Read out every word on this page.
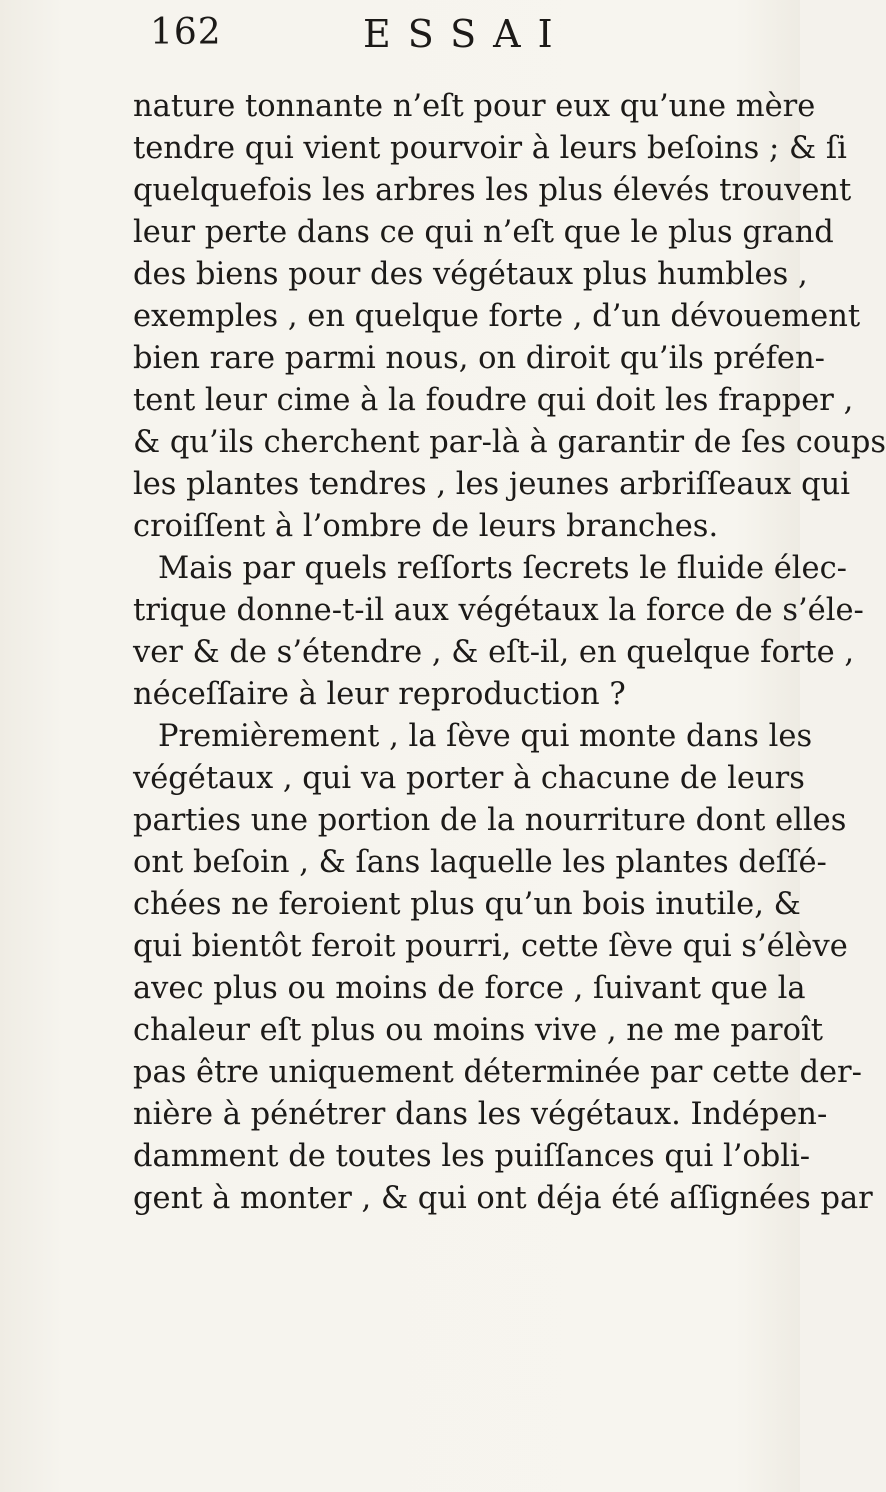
162	ESSAI
nature tonnante n’eſt pour eux qu’une mère
tendre qui vient pourvoir à leurs beſoins ; & ſi
quelquefois les arbres les plus élevés trouvent
leur perte dans ce qui n’eſt que le plus grand
des biens pour des végétaux plus humbles ,
exemples , en quelque forte , d’un dévouement
bien rare parmi nous, on diroit qu’ils préfen-
tent leur cime à la foudre qui doit les frapper ,
& qu’ils cherchent par-là à garantir de ſes coups
les plantes tendres , les jeunes arbriſſeaux qui
croiſſent à l’ombre de leurs branches.
Mais par quels reſſorts ſecrets le fluide élec-
trique donne-t-il aux végétaux la force de s’éle-
ver & de s’étendre , & eſt-il, en quelque forte ,
néceſſaire à leur reproduction ?
Premièrement , la ſève qui monte dans les
végétaux , qui va porter à chacune de leurs
parties une portion de la nourriture dont elles
ont beſoin , & ſans laquelle les plantes deſſé-
chées ne feroient plus qu’un bois inutile, &
qui bientôt feroit pourri, cette ſève qui s’élève
avec plus ou moins de force , ſuivant que la
chaleur eſt plus ou moins vive , ne me paroît
pas être uniquement déterminée par cette der-
nière à pénétrer dans les végétaux. Indépen-
damment de toutes les puiſſances qui l’obli-
gent à monter , & qui ont déja été aſſignées par
